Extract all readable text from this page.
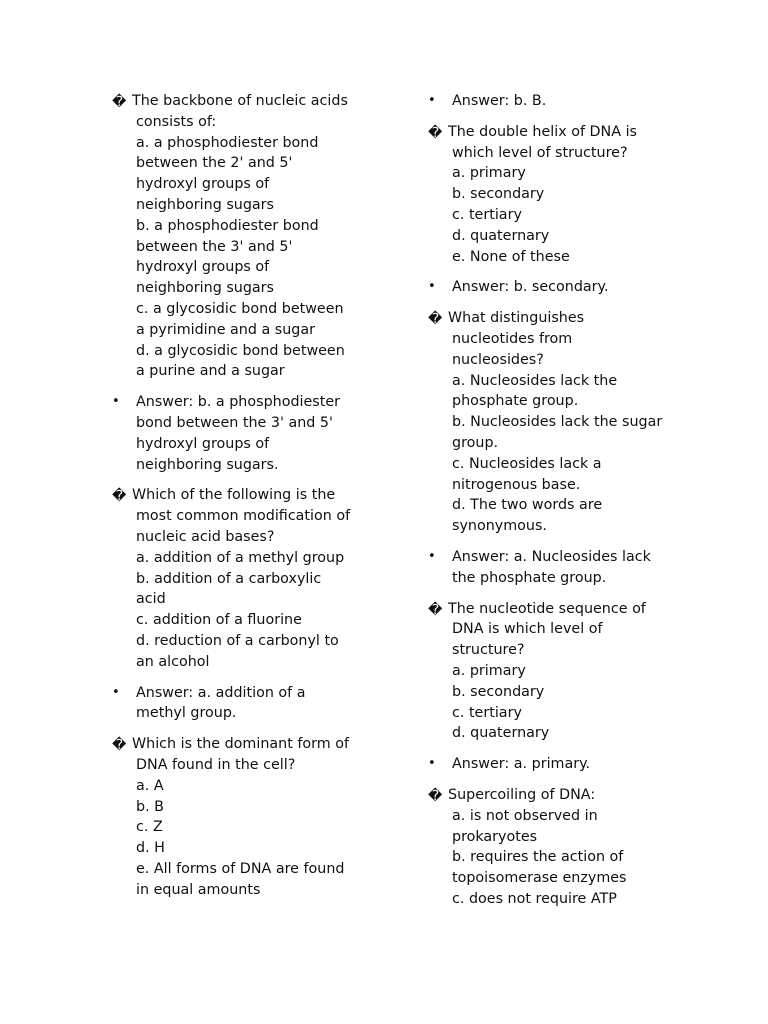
� The backbone of nucleic acids
consists of:
a. a phosphodiester bond
between the 2' and 5'
hydroxyl groups of
neighboring sugars
b. a phosphodiester bond
between the 3' and 5'
hydroxyl groups of
neighboring sugars
c. a glycosidic bond between
a pyrimidine and a sugar
d. a glycosidic bond between
a purine and a sugar
• Answer: b. a phosphodiester
bond between the 3' and 5'
hydroxyl groups of
neighboring sugars.
� Which of the following is the
most common modification of
nucleic acid bases?
a. addition of a methyl group
b. addition of a carboxylic
acid
c. addition of a fluorine
d. reduction of a carbonyl to
an alcohol
• Answer: a. addition of a
methyl group.
� Which is the dominant form of
DNA found in the cell?
a. A
b. B
c. Z
d. H
e. All forms of DNA are found
in equal amounts
• Answer: b. B.
� The double helix of DNA is
which level of structure?
a. primary
b. secondary
c. tertiary
d. quaternary
e. None of these
• Answer: b. secondary.
� What distinguishes
nucleotides from
nucleosides?
a. Nucleosides lack the
phosphate group.
b. Nucleosides lack the sugar
group.
c. Nucleosides lack a
nitrogenous base.
d. The two words are
synonymous.
• Answer: a. Nucleosides lack
the phosphate group.
� The nucleotide sequence of
DNA is which level of
structure?
a. primary
b. secondary
c. tertiary
d. quaternary
• Answer: a. primary.
� Supercoiling of DNA:
a. is not observed in
prokaryotes
b. requires the action of
topoisomerase enzymes
c. does not require ATP
